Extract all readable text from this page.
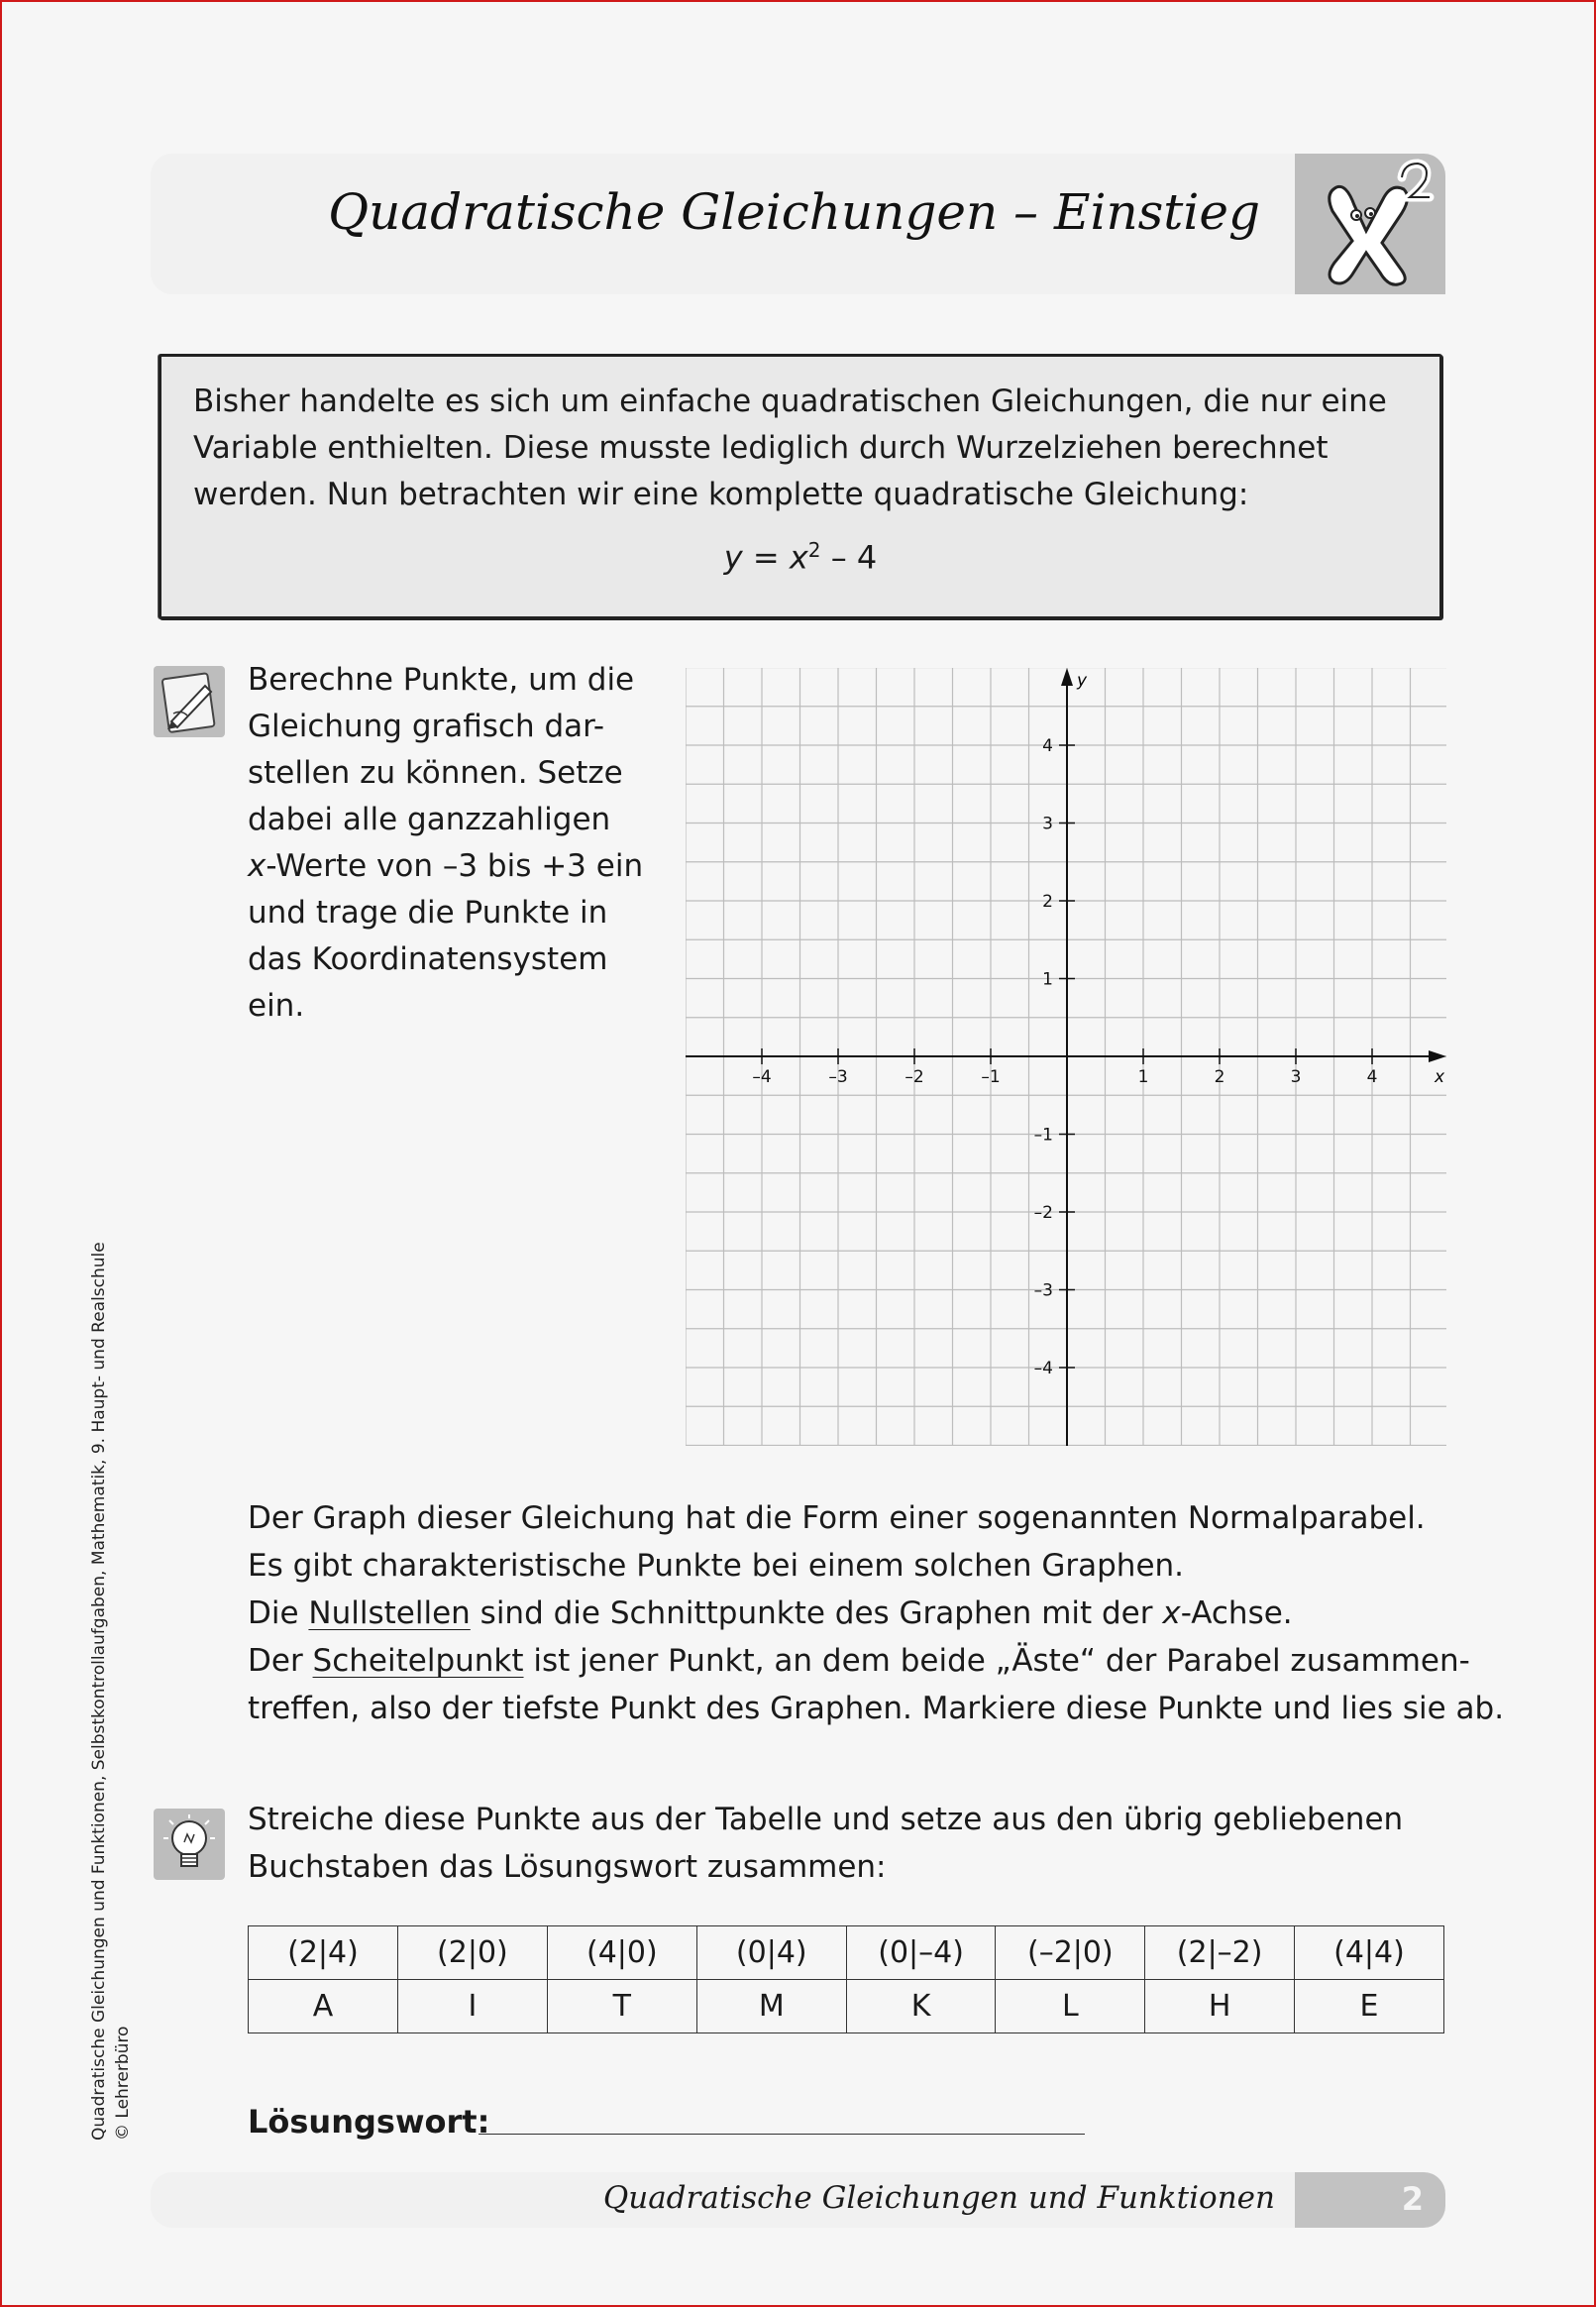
Quadratische Gleichungen – Einstieg
Bisher handelte es sich um einfache quadratischen Gleichungen, die nur eine
Variable enthielten. Diese musste lediglich durch Wurzelziehen berechnet
werden. Nun betrachten wir eine komplette quadratische Gleichung:
$y = x^2 - 4$
Berechne Punkte, um die
Gleichung grafisch dar-
stellen zu können. Setze
dabei alle ganzzahligen
x-Werte von –3 bis +3 ein
und trage die Punkte in
das Koordinatensystem
ein.
–4	–3	–2	–1	1	2	3	4
4
3
2
1
–1
–2
–3
–4
x
y

Der Graph dieser Gleichung hat die Form einer sogenannten Normalparabel.

Es gibt charakteristische Punkte bei einem solchen Graphen.

Die Nullstellen sind die Schnittpunkte des Graphen mit der x-Achse.

Der Scheitelpunkt ist jener Punkt, an dem beide „Äste“ der Parabel zusammen-

treffen, also der tiefste Punkt des Graphen. Markiere diese Punkte und lies sie ab.

Streiche diese Punkte aus der Tabelle und setze aus den übrig gebliebenen
Buchstaben das Lösungswort zusammen:
(2|4)	(2|0)	(4|0)	(0|4)	(0|–4)	(–2|0)	(2|–2)	(4|4)
A	I	T	M	K	L	H	E
Lösungswort:
Quadratische Gleichungen und Funktionen	2
Quadratische Gleichungen und Funktionen, Selbstkontrollaufgaben, Mathematik, 9. Haupt- und Realschule © Lehrerbüro
